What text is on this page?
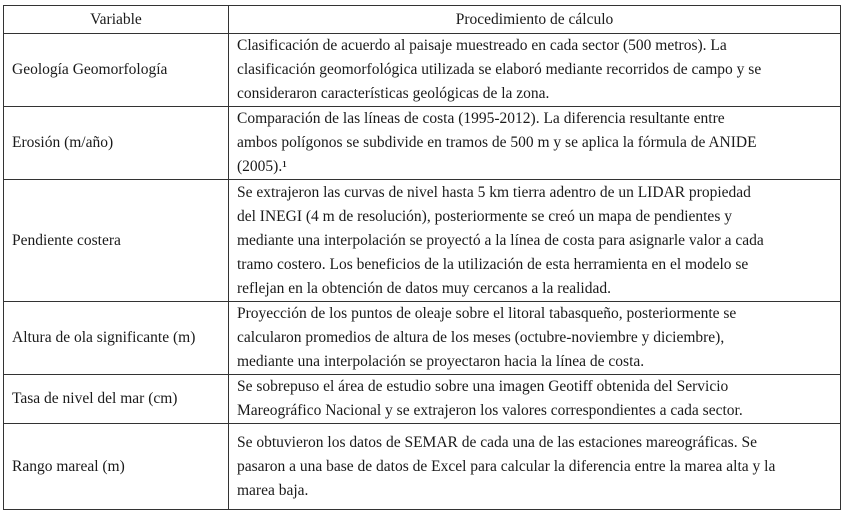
Variable	Procedimiento de cálculo
Geología Geomorfología	Clasificación de acuerdo al paisaje muestreado en cada sector (500 metros). La
clasificación geomorfológica utilizada se elaboró mediante recorridos de campo y se
consideraron características geológicas de la zona.

Erosión (m/año)	Comparación de las líneas de costa (1995-2012). La diferencia resultante entre
ambos polígonos se subdivide en tramos de 500 m y se aplica la fórmula de ANIDE
(2005).¹

Pendiente costera	Se extrajeron las curvas de nivel hasta 5 km tierra adentro de un LIDAR propiedad
del INEGI (4 m de resolución), posteriormente se creó un mapa de pendientes y
mediante una interpolación se proyectó a la línea de costa para asignarle valor a cada
tramo costero. Los beneficios de la utilización de esta herramienta en el modelo se
reflejan en la obtención de datos muy cercanos a la realidad.

Altura de ola significante (m)	Proyección de los puntos de oleaje sobre el litoral tabasqueño, posteriormente se
calcularon promedios de altura de los meses (octubre-noviembre y diciembre),
mediante una interpolación se proyectaron hacia la línea de costa.

Tasa de nivel del mar (cm)	Se sobrepuso el área de estudio sobre una imagen Geotiff obtenida del Servicio
Mareográfico Nacional y se extrajeron los valores correspondientes a cada sector.

Rango mareal (m)	Se obtuvieron los datos de SEMAR de cada una de las estaciones mareográficas. Se
pasaron a una base de datos de Excel para calcular la diferencia entre la marea alta y la
marea baja.
